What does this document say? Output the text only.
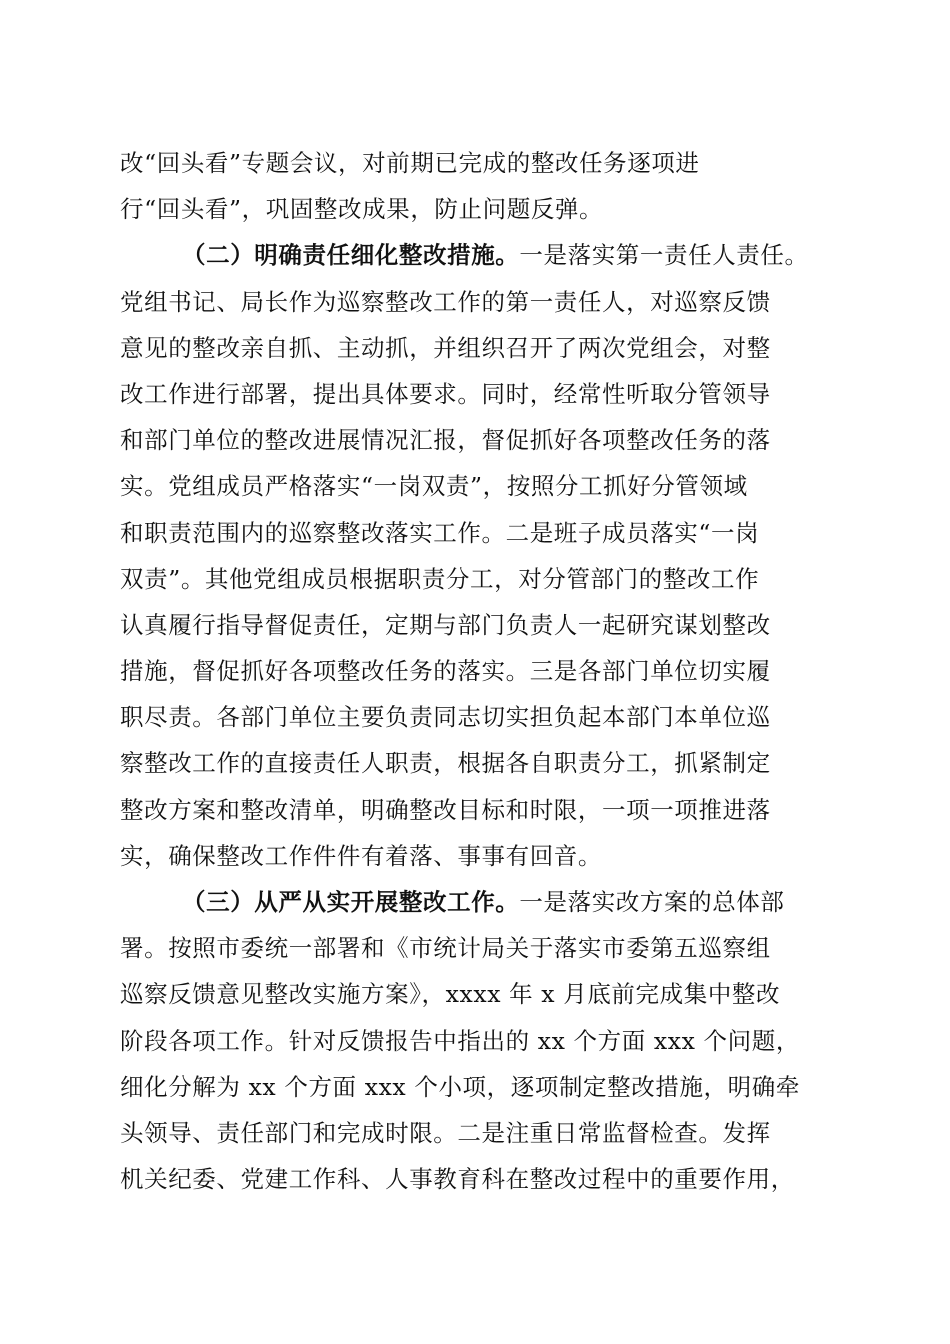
改“回头看”专题会议，对前期已完成的整改任务逐项进
行“回头看”，巩固整改成果，防止问题反弹。
（二）明确责任细化整改措施。一是落实第一责任人责任。
党组书记、局长作为巡察整改工作的第一责任人，对巡察反馈
意见的整改亲自抓、主动抓，并组织召开了两次党组会，对整
改工作进行部署，提出具体要求。同时，经常性听取分管领导
和部门单位的整改进展情况汇报，督促抓好各项整改任务的落
实。党组成员严格落实“一岗双责”，按照分工抓好分管领域
和职责范围内的巡察整改落实工作。二是班子成员落实“一岗
双责”。其他党组成员根据职责分工，对分管部门的整改工作
认真履行指导督促责任，定期与部门负责人一起研究谋划整改
措施，督促抓好各项整改任务的落实。三是各部门单位切实履
职尽责。各部门单位主要负责同志切实担负起本部门本单位巡
察整改工作的直接责任人职责，根据各自职责分工，抓紧制定
整改方案和整改清单，明确整改目标和时限，一项一项推进落
实，确保整改工作件件有着落、事事有回音。
（三）从严从实开展整改工作。一是落实改方案的总体部
署。按照市委统一部署和《市统计局关于落实市委第五巡察组
巡察反馈意见整改实施方案》，xxxx 年 x 月底前完成集中整改
阶段各项工作。针对反馈报告中指出的 xx 个方面 xxx 个问题，
细化分解为 xx 个方面 xxx 个小项，逐项制定整改措施，明确牵
头领导、责任部门和完成时限。二是注重日常监督检查。发挥
机关纪委、党建工作科、人事教育科在整改过程中的重要作用，
